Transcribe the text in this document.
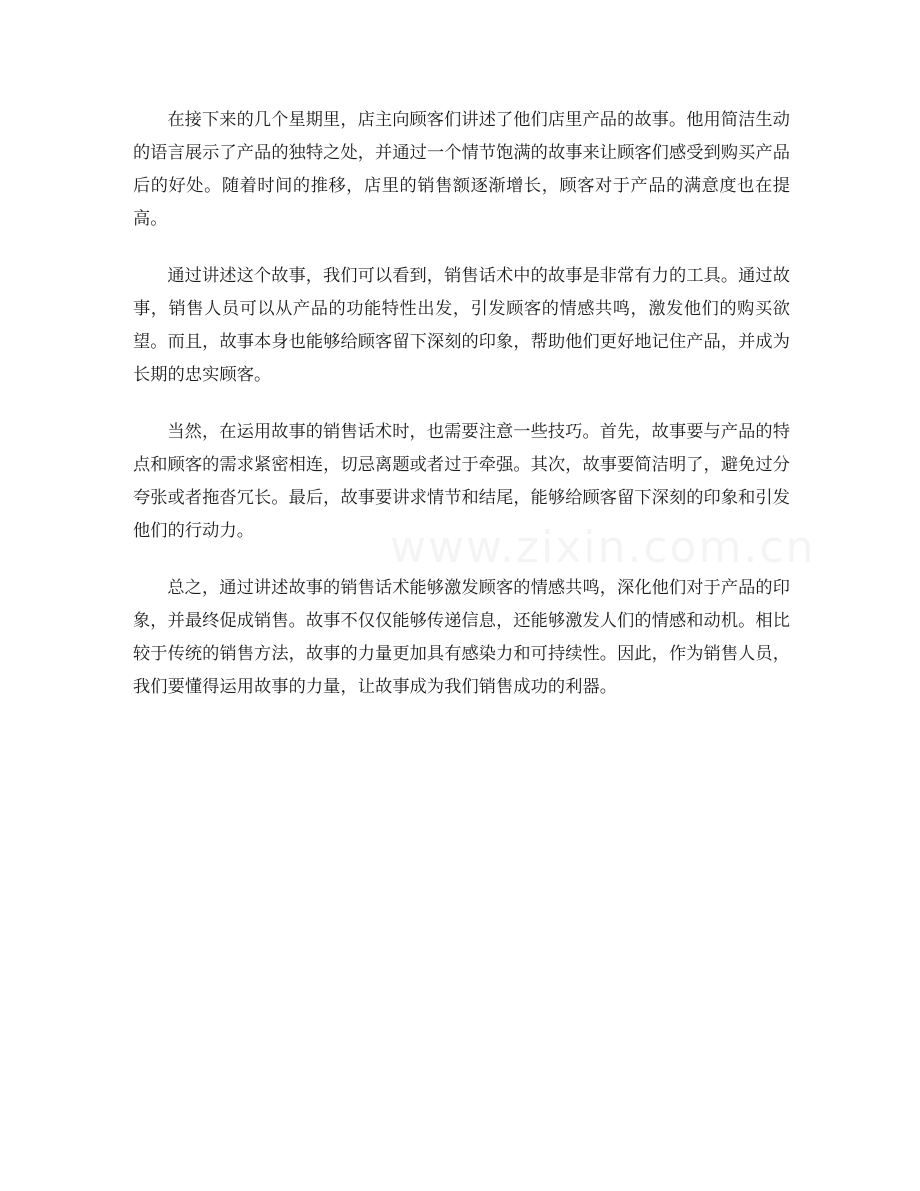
在接下来的几个星期里，店主向顾客们讲述了他们店里产品的故事。他用简洁生动的语言展示了产品的独特之处，并通过一个情节饱满的故事来让顾客们感受到购买产品后的好处。随着时间的推移，店里的销售额逐渐增长，顾客对于产品的满意度也在提高。

通过讲述这个故事，我们可以看到，销售话术中的故事是非常有力的工具。通过故事，销售人员可以从产品的功能特性出发，引发顾客的情感共鸣，激发他们的购买欲望。而且，故事本身也能够给顾客留下深刻的印象，帮助他们更好地记住产品，并成为长期的忠实顾客。

当然，在运用故事的销售话术时，也需要注意一些技巧。首先，故事要与产品的特点和顾客的需求紧密相连，切忌离题或者过于牵强。其次，故事要简洁明了，避免过分夸张或者拖沓冗长。最后，故事要讲求情节和结尾，能够给顾客留下深刻的印象和引发他们的行动力。

总之，通过讲述故事的销售话术能够激发顾客的情感共鸣，深化他们对于产品的印象，并最终促成销售。故事不仅仅能够传递信息，还能够激发人们的情感和动机。相比较于传统的销售方法，故事的力量更加具有感染力和可持续性。因此，作为销售人员，我们要懂得运用故事的力量，让故事成为我们销售成功的利器。
